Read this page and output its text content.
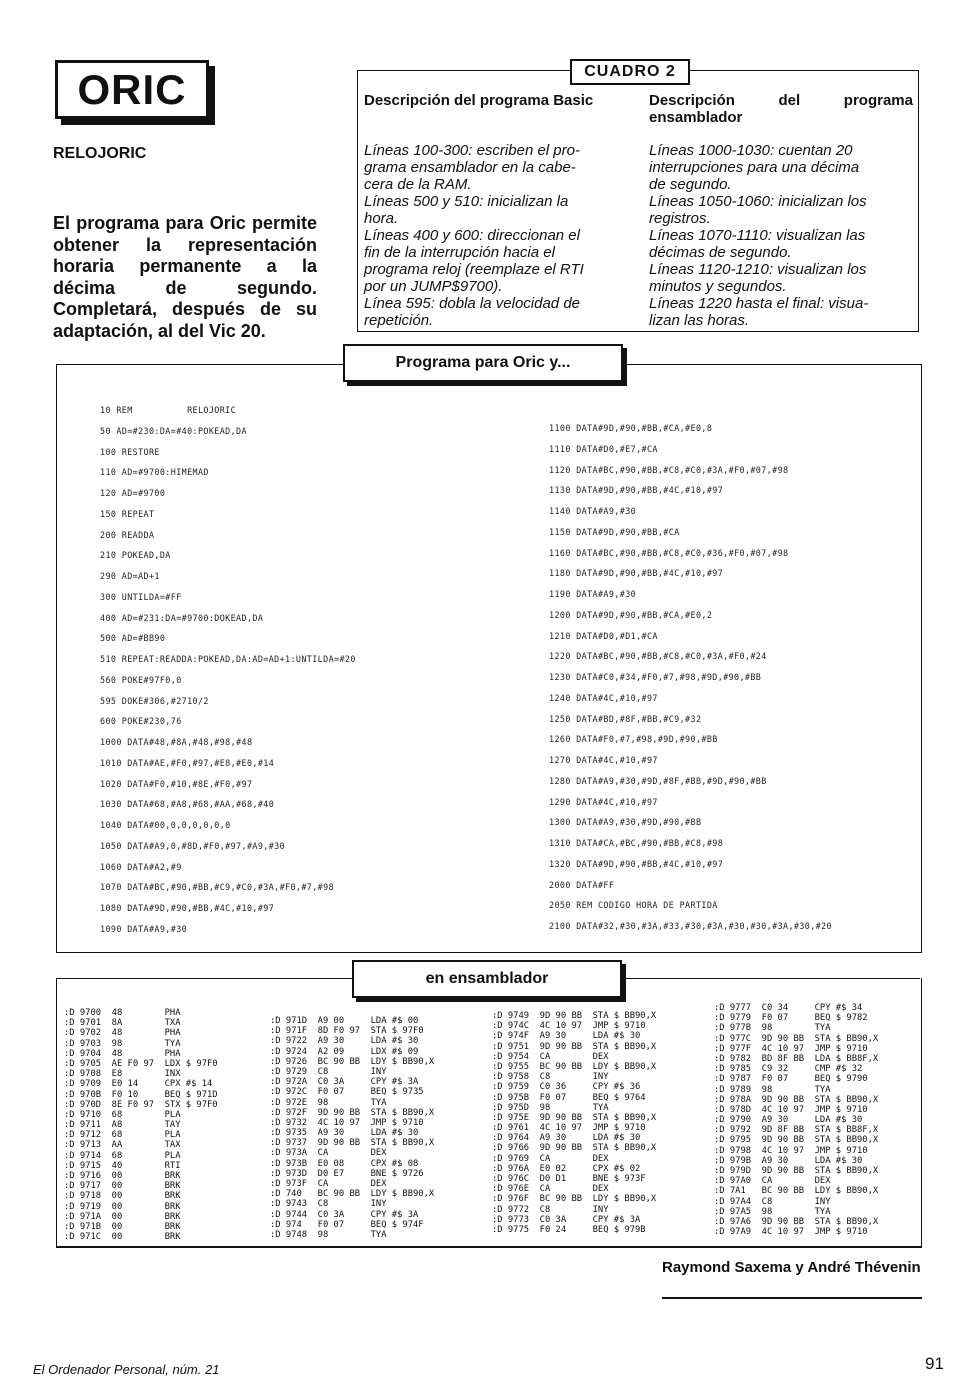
ORIC
RELOJORIC
El programa para Oric permite obtener la representación horaria permanente a la décima de segundo. Completará, después de su adaptación, al del Vic 20.
CUADRO 2
Descripción del programa Basic	Descripción del programa ensamblador
Líneas 100-300: escriben el pro-
grama ensamblador en la cabe-
cera de la RAM.
Líneas 500 y 510: inicializan la
hora.
Líneas 400 y 600: direccionan el
fin de la interrupción hacia el
programa reloj (reemplaze el RTI
por un JUMP$9700).
Línea 595: dobla la velocidad de
repetición.
Líneas 1000-1030: cuentan 20
interrupciones para una décima
de segundo.
Líneas 1050-1060: inicializan los
registros.
Líneas 1070-1110: visualizan las
décimas de segundo.
Líneas 1120-1210: visualizan los
minutos y segundos.
Líneas 1220 hasta el final: visua-
lizan las horas.
Programa para Oric y...
10 REM          RELOJORIC
50 AD=#230:DA=#40:POKEAD,DA
100 RESTORE
110 AD=#9700:HIMEMAD
120 AD=#9700
150 REPEAT
200 READDA
210 POKEAD,DA
290 AD=AD+1
300 UNTILDA=#FF
400 AD=#231:DA=#9700:DOKEAD,DA
500 AD=#BB90
510 REPEAT:READDA:POKEAD,DA:AD=AD+1:UNTILDA=#20
560 POKE#97F0,0
595 DOKE#306,#2710/2
600 POKE#230,76
1000 DATA#48,#8A,#48,#98,#48
1010 DATA#AE,#F0,#97,#E8,#E0,#14
1020 DATA#F0,#10,#8E,#F0,#97
1030 DATA#68,#A8,#68,#AA,#68,#40
1040 DATA#00,0,0,0,0,0,0
1050 DATA#A9,0,#8D,#F0,#97,#A9,#30
1060 DATA#A2,#9
1070 DATA#BC,#90,#BB,#C9,#C0,#3A,#F0,#7,#98
1080 DATA#9D,#90,#BB,#4C,#10,#97
1090 DATA#A9,#30
1100 DATA#9D,#90,#BB,#CA,#E0,8
1110 DATA#D0,#E7,#CA
1120 DATA#BC,#90,#BB,#C8,#C0,#3A,#F0,#07,#98
1130 DATA#9D,#90,#BB,#4C,#10,#97
1140 DATA#A9,#30
1150 DATA#9D,#90,#BB,#CA
1160 DATA#BC,#90,#BB,#C8,#C0,#36,#F0,#07,#98
1180 DATA#9D,#90,#BB,#4C,#10,#97
1190 DATA#A9,#30
1200 DATA#9D,#90,#BB,#CA,#E0,2
1210 DATA#D0,#D1,#CA
1220 DATA#BC,#90,#BB,#C8,#C0,#3A,#F0,#24
1230 DATA#C0,#34,#F0,#7,#98,#9D,#90,#BB
1240 DATA#4C,#10,#97
1250 DATA#BD,#8F,#BB,#C9,#32
1260 DATA#F0,#7,#98,#9D,#90,#BB
1270 DATA#4C,#10,#97
1280 DATA#A9,#30,#9D,#8F,#BB,#9D,#90,#BB
1290 DATA#4C,#10,#97
1300 DATA#A9,#30,#9D,#90,#BB
1310 DATA#CA,#BC,#90,#BB,#C8,#98
1320 DATA#9D,#90,#BB,#4C,#10,#97
2000 DATA#FF
2050 REM CODIGO HORA DE PARTIDA
2100 DATA#32,#30,#3A,#33,#30,#3A,#30,#30,#3A,#30,#20
en ensamblador
:D 9700  48        PHA
:D 9701  8A        TXA
:D 9702  48        PHA
:D 9703  98        TYA
:D 9704  48        PHA
:D 9705  AE F0 97  LDX $ 97F0
:D 9708  E8        INX
:D 9709  E0 14     CPX #$ 14
:D 970B  F0 10     BEQ $ 971D
:D 970D  8E F0 97  STX $ 97F0
:D 9710  68        PLA
:D 9711  A8        TAY
:D 9712  68        PLA
:D 9713  AA        TAX
:D 9714  68        PLA
:D 9715  40        RTI
:D 9716  00        BRK
:D 9717  00        BRK
:D 9718  00        BRK
:D 9719  00        BRK
:D 971A  00        BRK
:D 971B  00        BRK
:D 971C  00        BRK
:D 971D  A9 00     LDA #$ 00
:D 971F  8D F0 97  STA $ 97F0
:D 9722  A9 30     LDA #$ 30
:D 9724  A2 09     LDX #$ 09
:D 9726  BC 90 BB  LDY $ BB90,X
:D 9729  C8        INY
:D 972A  C0 3A     CPY #$ 3A
:D 972C  F0 07     BEQ $ 9735
:D 972E  98        TYA
:D 972F  9D 90 BB  STA $ BB90,X
:D 9732  4C 10 97  JMP $ 9710
:D 9735  A9 30     LDA #$ 30
:D 9737  9D 90 BB  STA $ BB90,X
:D 973A  CA        DEX
:D 973B  E0 08     CPX #$ 08
:D 973D  D0 E7     BNE $ 9726
:D 973F  CA        DEX
:D 740   BC 90 BB  LDY $ BB90,X
:D 9743  C8        INY
:D 9744  C0 3A     CPY #$ 3A
:D 974   F0 07     BEQ $ 974F
:D 9748  98        TYA
:D 9749  9D 90 BB  STA $ BB90,X
:D 974C  4C 10 97  JMP $ 9710
:D 974F  A9 30     LDA #$ 30
:D 9751  9D 90 BB  STA $ BB90,X
:D 9754  CA        DEX
:D 9755  BC 90 BB  LDY $ BB90,X
:D 9758  C8        INY
:D 9759  C0 36     CPY #$ 36
:D 975B  F0 07     BEQ $ 9764
:D 975D  98        TYA
:D 975E  9D 90 BB  STA $ BB90,X
:D 9761  4C 10 97  JMP $ 9710
:D 9764  A9 30     LDA #$ 30
:D 9766  9D 90 BB  STA $ BB90,X
:D 9769  CA        DEX
:D 976A  E0 02     CPX #$ 02
:D 976C  D0 D1     BNE $ 973F
:D 976E  CA        DEX
:D 976F  BC 90 BB  LDY $ BB90,X
:D 9772  C8        INY
:D 9773  C0 3A     CPY #$ 3A
:D 9775  F0 24     BEQ $ 979B
:D 9777  C0 34     CPY #$ 34
:D 9779  F0 07     BEQ $ 9782
:D 977B  98        TYA
:D 977C  9D 90 BB  STA $ BB90,X
:D 977F  4C 10 97  JMP $ 9710
:D 9782  BD 8F BB  LDA $ BB8F,X
:D 9785  C9 32     CMP #$ 32
:D 9787  F0 07     BEQ $ 9790
:D 9789  98        TYA
:D 978A  9D 90 BB  STA $ BB90,X
:D 978D  4C 10 97  JMP $ 9710
:D 9790  A9 30     LDA #$ 30
:D 9792  9D 8F BB  STA $ BB8F,X
:D 9795  9D 90 BB  STA $ BB90,X
:D 9798  4C 10 97  JMP $ 9710
:D 979B  A9 30     LDA #$ 30
:D 979D  9D 90 BB  STA $ BB90,X
:D 97A0  CA        DEX
:D 7A1   BC 90 BB  LDY $ BB90,X
:D 97A4  C8        INY
:D 97A5  98        TYA
:D 97A6  9D 90 BB  STA $ BB90,X
:D 97A9  4C 10 97  JMP $ 9710
Raymond Saxema y André Thévenin
El Ordenador Personal, núm. 21	91
